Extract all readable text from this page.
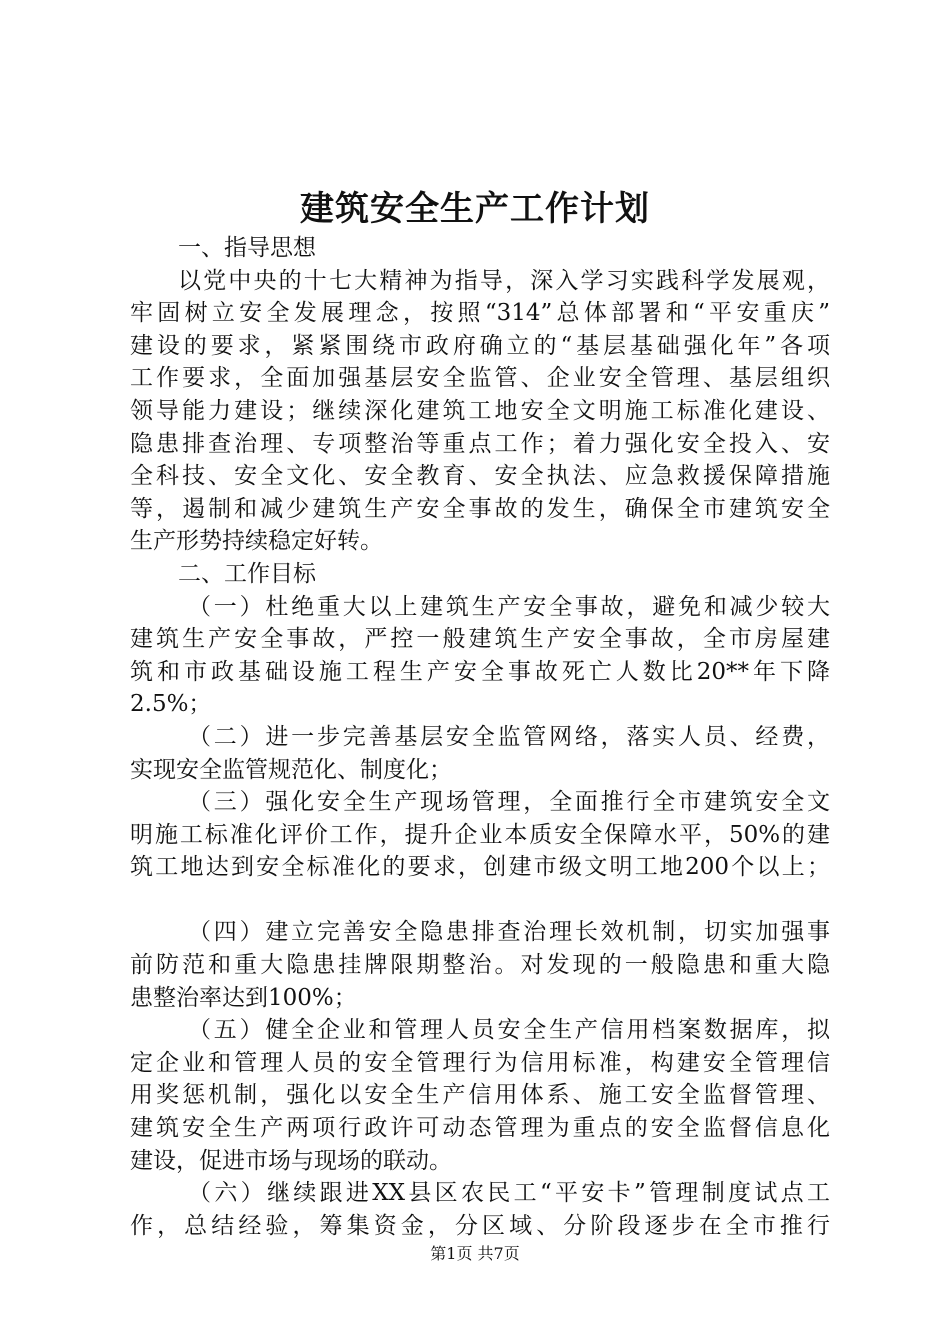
建筑安全生产工作计划
一、指导思想
以党中央的十七大精神为指导，深入学习实践科学发展观，
牢固树立安全发展理念，按照“314”总体部署和“平安重庆”
建设的要求，紧紧围绕市政府确立的“基层基础强化年”各项
工作要求，全面加强基层安全监管、企业安全管理、基层组织
领导能力建设；继续深化建筑工地安全文明施工标准化建设、
隐患排查治理、专项整治等重点工作；着力强化安全投入、安
全科技、安全文化、安全教育、安全执法、应急救援保障措施
等，遏制和减少建筑生产安全事故的发生，确保全市建筑安全
生产形势持续稳定好转。
二、工作目标
（一）杜绝重大以上建筑生产安全事故，避免和减少较大
建筑生产安全事故，严控一般建筑生产安全事故，全市房屋建
筑和市政基础设施工程生产安全事故死亡人数比20**年下降
2.5%；
（二）进一步完善基层安全监管网络，落实人员、经费，
实现安全监管规范化、制度化；
（三）强化安全生产现场管理，全面推行全市建筑安全文
明施工标准化评价工作，提升企业本质安全保障水平，50%的建
筑工地达到安全标准化的要求，创建市级文明工地200个以上；
（四）建立完善安全隐患排查治理长效机制，切实加强事
前防范和重大隐患挂牌限期整治。对发现的一般隐患和重大隐
患整治率达到100%；
（五）健全企业和管理人员安全生产信用档案数据库，拟
定企业和管理人员的安全管理行为信用标准，构建安全管理信
用奖惩机制，强化以安全生产信用体系、施工安全监督管理、
建筑安全生产两项行政许可动态管理为重点的安全监督信息化
建设，促进市场与现场的联动。
（六）继续跟进XX县区农民工“平安卡”管理制度试点工
作，总结经验，筹集资金，分区域、分阶段逐步在全市推行
第1页 共7页
